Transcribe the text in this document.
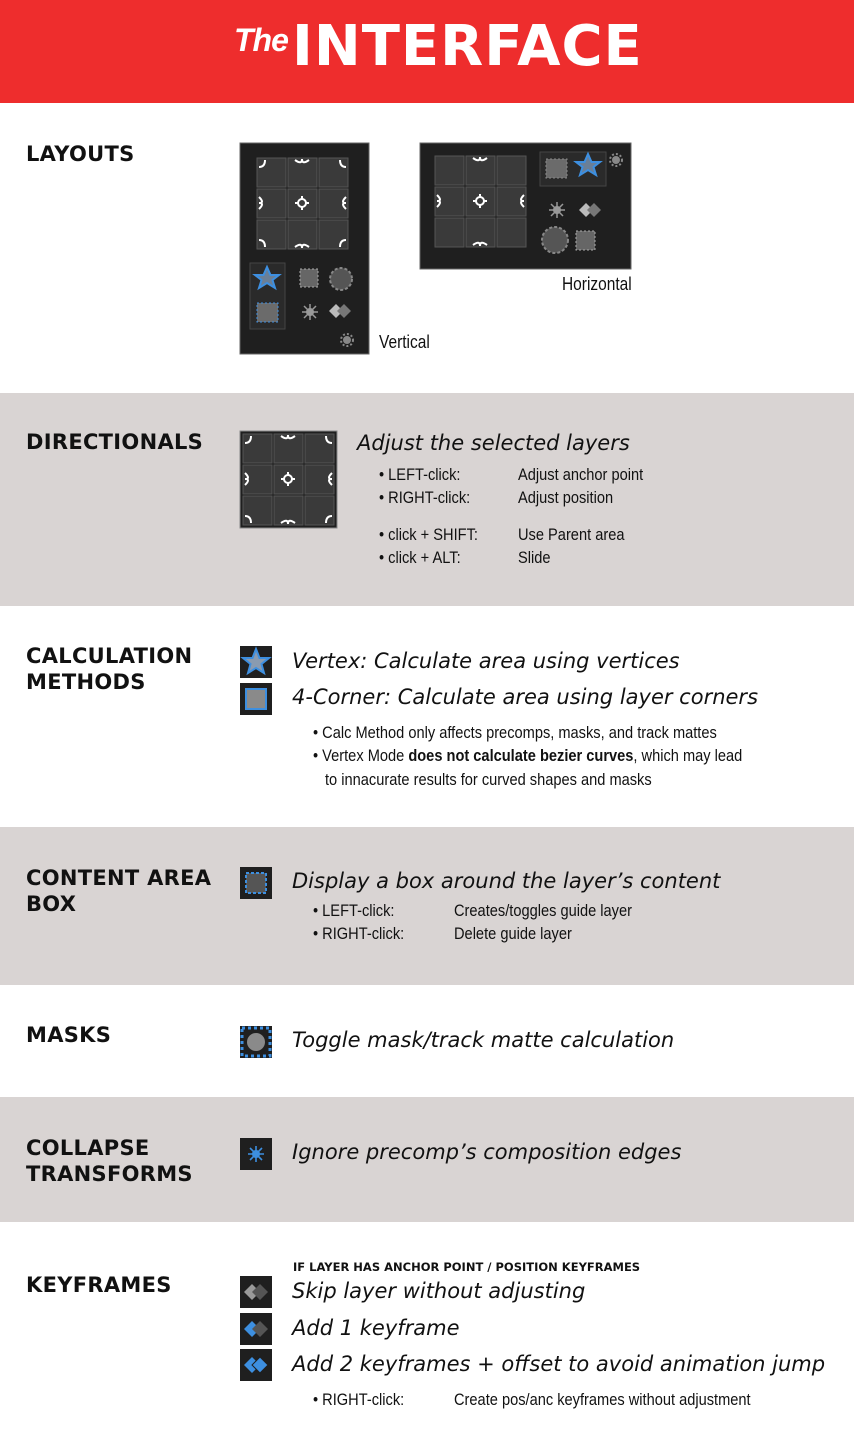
The INTERFACE
LAYOUTS
Vertical
Horizontal
DIRECTIONALS	Adjust the selected layers
• LEFT-click:	Adjust anchor point
• RIGHT-click:	Adjust position
• click + SHIFT: Use Parent area
• click + ALT:	Slide
CALCULATION
METHODS
Vertex: Calculate area using vertices
4-Corner: Calculate area using layer corners
• Calc Method only affects precomps, masks, and track mattes
• Vertex Mode does not calculate bezier curves, which may lead
to innacurate results for curved shapes and masks
CONTENT AREA
BOX
Display a box around the layer’s content
• LEFT-click:	Creates/toggles guide layer
• RIGHT-click:	Delete guide layer
MASKS	Toggle mask/track matte calculation
COLLAPSE
TRANSFORMS
Ignore precomp’s composition edges
KEYFRAMES
IF LAYER HAS ANCHOR POINT / POSITION KEYFRAMES
Skip layer without adjusting
Add 1 keyframe
Add 2 keyframes + offset to avoid animation jump
• RIGHT-click:	Create pos/anc keyframes without adjustment
